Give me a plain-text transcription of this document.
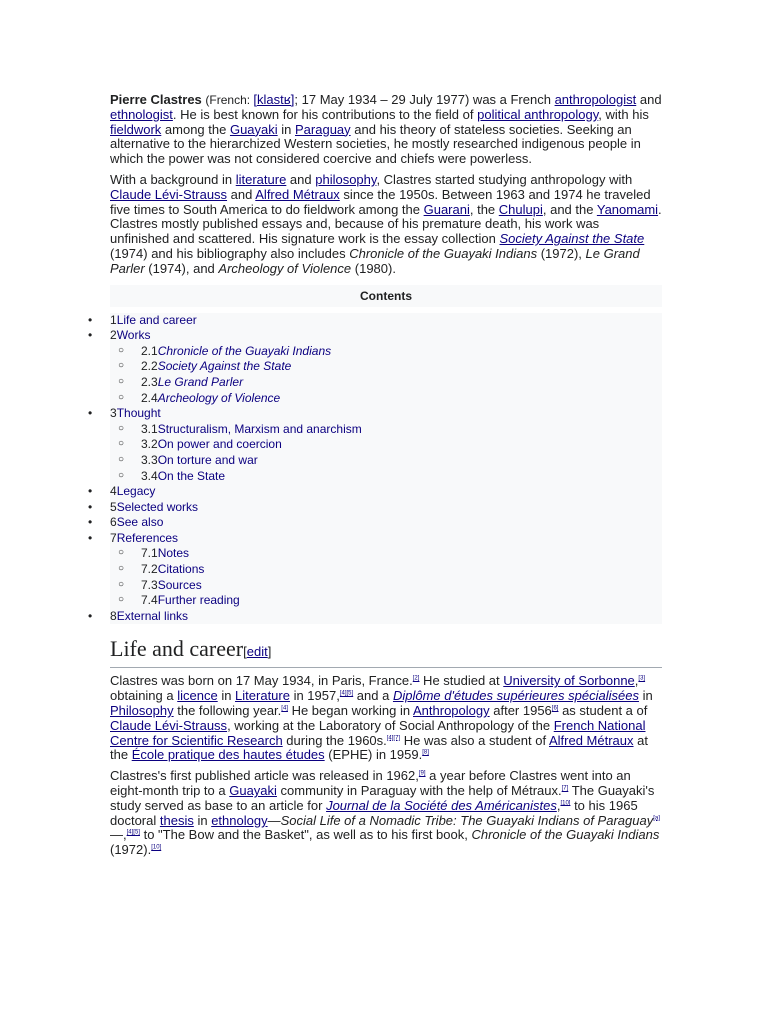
Pierre Clastres (French: [klastʁ]; 17 May 1934 – 29 July 1977) was a French anthropologist and ethnologist. He is best known for his contributions to the field of political anthropology, with his fieldwork among the Guayaki in Paraguay and his theory of stateless societies. Seeking an alternative to the hierarchized Western societies, he mostly researched indigenous people in which the power was not considered coercive and chiefs were powerless.

With a background in literature and philosophy, Clastres started studying anthropology with Claude Lévi-Strauss and Alfred Métraux since the 1950s. Between 1963 and 1974 he traveled five times to South America to do fieldwork among the Guarani, the Chulupi, and the Yanomami. Clastres mostly published essays and, because of his premature death, his work was unfinished and scattered. His signature work is the essay collection Society Against the State (1974) and his bibliography also includes Chronicle of the Guayaki Indians (1972), Le Grand Parler (1974), and Archeology of Violence (1980).

Contents
• 1Life and career
• 2Works
○ 2.1Chronicle of the Guayaki Indians
○ 2.2Society Against the State
○ 2.3Le Grand Parler
○ 2.4Archeology of Violence
• 3Thought
○ 3.1Structuralism, Marxism and anarchism
○ 3.2On power and coercion
○ 3.3On torture and war
○ 3.4On the State
• 4Legacy
• 5Selected works
• 6See also
• 7References
○ 7.1Notes
○ 7.2Citations
○ 7.3Sources
○ 7.4Further reading
• 8External links
Life and career[edit]

Clastres was born on 17 May 1934, in Paris, France.[2] He studied at University of Sorbonne,[3] obtaining a licence in Literature in 1957,[4][5] and a Diplôme d'études supérieures spécialisées in Philosophy the following year.[4] He began working in Anthropology after 1956[6] as student a of Claude Lévi-Strauss, working at the Laboratory of Social Anthropology of the French National Centre for Scientific Research during the 1960s.[4][7] He was also a student of Alfred Métraux at the École pratique des hautes études (EPHE) in 1959.[8]

Clastres's first published article was released in 1962,[9] a year before Clastres went into an eight-month trip to a Guayaki community in Paraguay with the help of Métraux.[7] The Guayaki's study served as base to an article for Journal de la Société des Américanistes,[10] to his 1965 doctoral thesis in ethnology—Social Life of a Nomadic Tribe: The Guayaki Indians of Paraguay[a]—,[4][5] to "The Bow and the Basket", as well as to his first book, Chronicle of the Guayaki Indians (1972).[10]
